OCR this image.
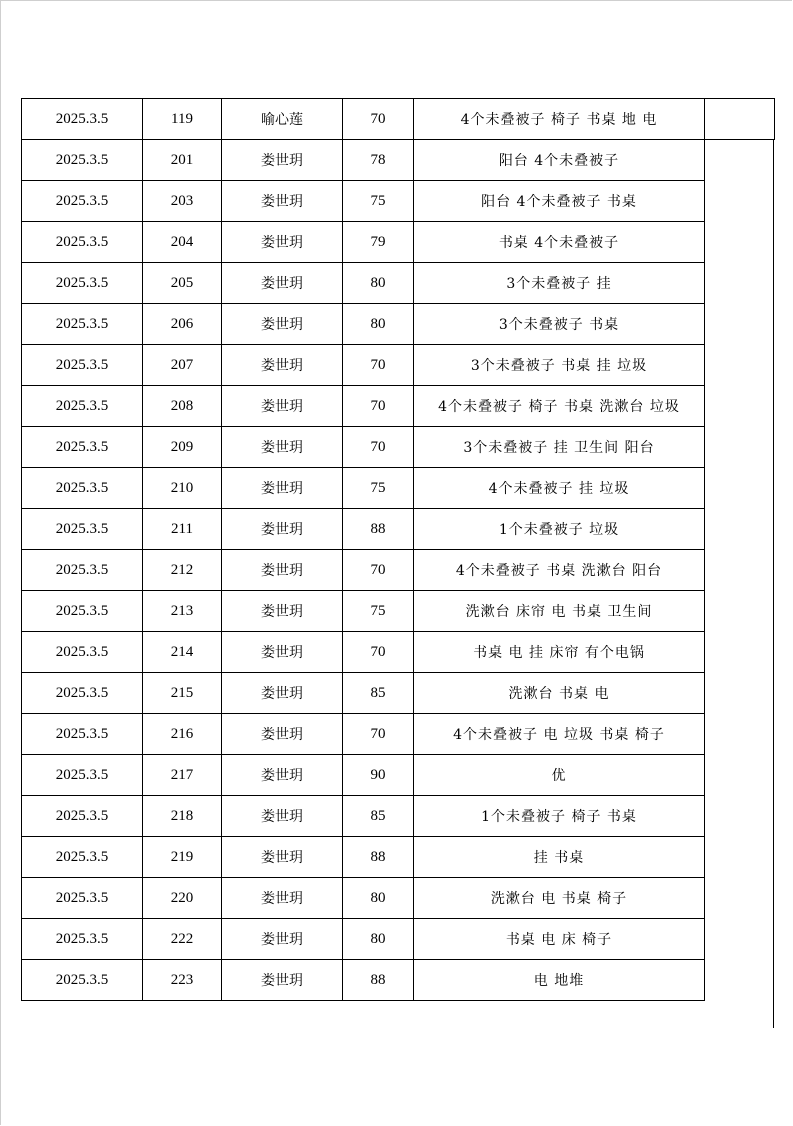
2025.3.5	119	喻心莲	70	4个未叠被子 椅子 书桌 地 电	
2025.3.5	201	娄世玥	78	阳台 4个未叠被子	
2025.3.5	203	娄世玥	75	阳台 4个未叠被子 书桌	
2025.3.5	204	娄世玥	79	书桌 4个未叠被子	
2025.3.5	205	娄世玥	80	3个未叠被子 挂	
2025.3.5	206	娄世玥	80	3个未叠被子 书桌	
2025.3.5	207	娄世玥	70	3个未叠被子 书桌 挂 垃圾	
2025.3.5	208	娄世玥	70	4个未叠被子 椅子 书桌 洗漱台 垃圾	
2025.3.5	209	娄世玥	70	3个未叠被子 挂 卫生间 阳台	
2025.3.5	210	娄世玥	75	4个未叠被子 挂 垃圾	
2025.3.5	211	娄世玥	88	1个未叠被子 垃圾	
2025.3.5	212	娄世玥	70	4个未叠被子 书桌 洗漱台 阳台	
2025.3.5	213	娄世玥	75	洗漱台 床帘 电 书桌 卫生间	
2025.3.5	214	娄世玥	70	书桌 电 挂 床帘 有个电锅	
2025.3.5	215	娄世玥	85	洗漱台 书桌 电	
2025.3.5	216	娄世玥	70	4个未叠被子 电 垃圾 书桌 椅子	
2025.3.5	217	娄世玥	90	优	
2025.3.5	218	娄世玥	85	1个未叠被子 椅子 书桌	
2025.3.5	219	娄世玥	88	挂 书桌	
2025.3.5	220	娄世玥	80	洗漱台 电 书桌 椅子	
2025.3.5	222	娄世玥	80	书桌 电 床 椅子	
2025.3.5	223	娄世玥	88	电 地堆	
